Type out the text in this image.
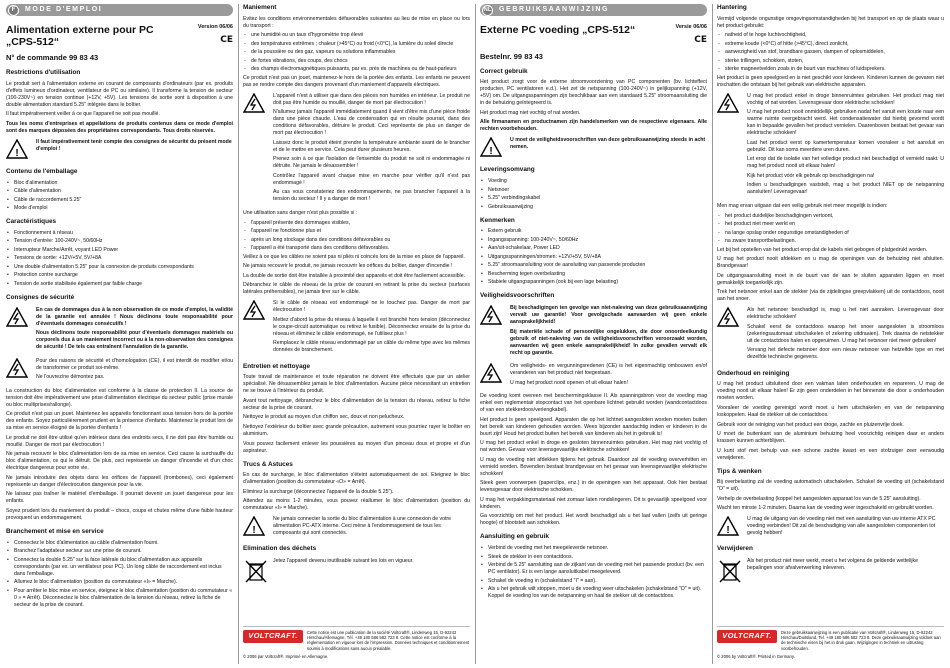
F	MODE D'EMPLOI
Alimentation externe pour PC
„CPS-512“
Version 06/06
CE
N° de commande 99 83 43
Restrictions d'utilisation

Le produit sert à l'alimentation externe en courant de composants d'ordinateurs (par ex. produits d'effets lumineux d'ordinateur, ventilateur de PC ou similaire). Il transforme la tension de secteur (100-230V~) en tension continue (+12V, +5V). Les tensions de sortie sont à disposition à une double alimentation standard 5.25" intégrée dans le boîtier.

Il faut impérativement veiller à ce que l'appareil ne soit pas mouillé.

Tous les noms d'entreprises et appellations de produits contenus dans ce mode d'emploi sont des marques déposées des propriétaires correspondants. Tous droits réservés.

!
Il faut impérativement tenir compte des consignes de sécurité du présent mode d'emploi !
Contenu de l'emballage
• Bloc d'alimentation
• Câble d'alimentation
• Câble de raccordement 5.25"
• Mode d'emploi
Caractéristiques
• Fonctionnement à réseau
• Tension d'entrée: 100-240V~, 50/60Hz
• Interrupteur Marche/Arrêt, voyant LED Power
• Tensions de sortie: +12V/+5V, 5V/+8A
• Une double d'alimentation 5.25" pour la connexion de produits correspondants
• Protection contre surcharge
• Tension de sortie stabilisée également par faible charge
Consignes de sécurité

En cas de dommages dus à la non observation de ce mode d'emploi, la validité de la garantie est annulée ! Nous déclinons toute responsabilité pour d'éventuels dommages consécutifs !

Nous déclinons toute responsabilité pour d'éventuels dommages matériels ou corporels dus à un maniement incorrect ou à la non-observation des consignes de sécurité ! De tels cas entraînent l'annulation de la garantie.

Pour des raisons de sécurité et d'homologation (CE), il est interdit de modifier et/ou de transformer ce produit soi-même.

Ne l'ouvrez/ne démontez pas.

La construction du bloc d'alimentation est conforme à la classe de protection II. La source de tension doit être impérativement une prise d'alimentation électrique du secteur public (prise murale ou bloc multiprises/rallonge).

Ce produit n'est pas un jouet. Maintenez les appareils fonctionnant sous tension hors de la portée des enfants. Soyez particulièrement prudent en la présence d'enfants. Maintenez le produit lors de sa mise en service éloigné de la portée d'enfants !

Le produit ne doit être utilisé qu'en intérieur dans des endroits secs, il ne doit pas être humide ou mouillé. Danger de mort par électrocution !

Ne jamais recouvrir le bloc d'alimentation lors de sa mise en service. Ceci cause la surchauffe du bloc d'alimentation, ce qui le détruit. De plus, ceci représente un danger d'incendie et d'un choc électrique dangereux pour votre vie.

Ne jamais introduire des objets dans les orifices de l'appareil (trombones), ceci également représente un danger d'électrocution dangereux pour la vie.

Ne laissez pas traîner le matériel d'emballage. Il pourrait devenir un jouet dangereux pour les enfants.

Soyez prudent lors du maniement du produit – chocs, coups et chutes même d'une faible hauteur provoquent un endommagement.

Branchement et mise en service
• Connectez le bloc d'alimentation au câble d'alimentation fourni.
• Branchez l'adaptateur secteur sur une prise de courant.
• Connectez la double 5.25" sur la face latérale du bloc d'alimentation aux appareils correspondants (par ex. un ventilateur pour PC). Un long câble de raccordement est inclus dans l'emballage.
• Allumez le bloc d'alimentation (position du commutateur «I» = Marche).
• Pour arrêter le bloc mise en service, éteignez le bloc d'alimentation (position du commutateur « 0 » = Arrêt). Déconnectez le bloc d'alimentation de la tension du réseau, retirez la fiche de secteur de la prise de courant.
Maniement

Evitez les conditions environnementales défavorables suivantes au lieu de mise en place ou lors du transport :

- une humidité ou un taux d'hygrométrie trop élevé
- des températures extrêmes ; chaleur (>45°C) ou froid (<0°C), la lumière du soleil directe
- de la poussière ou des gaz, vapeurs ou solutions inflammables
- de fortes vibrations, des coups, des chocs
- des champs électromagnétiques puissants, par ex. près de machines ou de haut-parleurs

Ce produit n'est pas un jouet, maintenez-le hors de la portée des enfants. Les enfants ne peuvent pas se rendre compte des dangers provenant d'un maniement d'appareils électriques.

L'appareil n'est à utiliser que dans des pièces non humides en intérieur. Le produit ne doit pas être humide ou mouillé, danger de mort par électrocution !

N'allumez jamais l'appareil immédiatement quand il vient d'être mis d'une pièce froide dans une pièce chaude. L'eau de condensation qui en résulte pourrait, dans des conditions défavorables, détruire le produit. Ceci représente de plus un danger de mort par électrocution !

Laissez donc le produit éteint prendre la température ambiante avant de le brancher et de le mettre en service. Cela peut durer plusieurs heures.

Prenez soin à ce que l'isolation de l'ensemble du produit ne soit ni endommagée ni détruite. Ne jamais le désassembler !

Contrôlez l'appareil avant chaque mise en marche pour vérifier qu'il n'est pas endommagé !

Au cas vous constateriez des endommagements, ne pas brancher l'appareil à la tension du secteur ! Il y a danger de mort !

Une utilisation sans danger n'est plus possible si :

- l'appareil présente des dommages visibles,
- l'appareil ne fonctionne plus et
- après un long stockage dans des conditions défavorables ou
- l'appareil a été transporté dans des conditions défavorables.

Veillez à ce que les câbles ne soient pas ni pliés ni coincés lors de la mise en place de l'appareil.

Ne jamais recouvrir le produit, ne jamais recouvrir les orifices du boîtier, danger d'incendie !

La double de sortie doit être installée à proximité des appareils et doit être facilement accessible.

Débranchez le câble de réseau de la prise de courant en retirant la prise du secteur (surfaces latérales préhensibles), ne jamais tirer sur le câble.

Si le câble de réseau est endommagé ne le touchez pas. Danger de mort par électrocution !

Mettez d'abord la prise du réseau à laquelle il est branché hors tension (déconnectez le coupe-circuit automatique ou retirez le fusible). Déconnectez ensuite de la prise du réseau et éliminez le câble endommagé, ne l'utilisez plus !

Remplacez le câble réseau endommagé par un câble du même type avec les mêmes données de branchement.

Entretien et nettoyage

Toute travail de maintenance et toute réparation ne doivent être effectués que par un atelier spécialisé. Ne désassemblez jamais le bloc d'alimentation. Aucune pièce nécessitant un entretien ne se trouve à l'intérieur du produit.

Avant tout nettoyage, débranchez le bloc d'alimentation de la tension du réseau, retirez la fiche secteur de la prise de courant.

Nettoyez le produit au moyen d'un chiffon sec, doux et non pelucheux.

Nettoyez l'extérieur du boîtier avec grande précaution, autrement vous pourriez rayer le boîtier en aluminium.

Vous pouvez facilement enlever les poussières au moyen d'un pinceau doux et propre et d'un aspirateur.

Trucs & Astuces

En cas de surcharge, le bloc d'alimentation s'éteint automatiquement de soi. Eteignez le bloc d'alimentation (position du commutateur «O» = Arrêt).

Eliminez la surcharge (déconnectez l'appareil de la double 5.25").

Attendez au moins 1-2 minutes, vous pouvez réallumer le bloc d'alimentation (position du commutateur «I» = Marche).

!
Ne jamais connecter la sortie du bloc d'alimentation à une connexion de votre alimentation PC-ATX interne. Ceci mène à l'endommagement de tous les composants qui sont connectés.
Elimination des déchets
Jetez l'appareil devenu inutilisable suivant les lois en vigueur.
VOLTCRAFT.	Cette notice est une publication de la société Voltcraft®, Lindenweg 15, D-92242 Hirschau/Allemagne, Tél. +49 180 586 582 723 8. Cette notice est conforme à la règlementation en vigueur lors de l'impression. Données techniques et conditionnement soumis à modifications sans aucun préalable.
© 2006 par Voltcraft®. Imprimé en Allemagne.
NL GEBRUIKSAANWIJZING
Externe PC voeding „CPS-512“	Versie 06/06
CE
Bestelnr. 99 83 43
Correct gebruik

Het product zorgt voor de externe stroomvoorziening van PC componenten (bv. lichteffect producten, PC ventilatoren e.d.). Het zet de netspanning (100-240V~) in gelijkspanning (+12V, +5V) om. De uitgangsspanningen zijn beschikbaar aan een standaard 5.25" stroomaansluiting die in de behuizing geïntegreerd is.

Het product mag niet vochtig of nat worden.

Alle firmanamen en productnamen zijn handelsmerken van de respectieve eigenaars. Alle rechten voorbehouden.

!
U moet de veiligheidsvoorschriften van deze gebruiksaanwijzing steeds in acht nemen.
Leveringsomvang
• Voeding
• Netsnoer
• 5.25" verbindingskabel
• Gebruiksaanwijzing
Kenmerken
• Extern gebruik
• Ingangsspanning: 100-240V~, 50/60Hz
• Aan/uit-schakelaar, Power LED
• Uitgangsspanningen/stromen: +12V/+5V, 5V/+8A
• 5.25" stroomaansluiting voor de aansluiting van passende producten
• Bescherming tegen overbelasting
• Stabiele uitgangsspanningen (ook bij een lage belasting)
Veiligheidsvoorschriften

Bij beschadigingen ten gevolge van niet-naleving van deze gebruiksaanwijzing vervalt uw garantie! Voor gevolgschade aanvaarden wij geen enkele aansprakelijkheid!

Bij materiële schade of persoonlijke ongelukken, die door onoordeelkundig gebruik of niet-naleving van de veiligheidsvoorschriften veroorzaakt worden, aanvaarden wij geen enkele aansprakelijkheid! In zulke gevallen vervalt elk recht op garantie.

Om veiligheids- en vergunningsredenen (CE) is het eigenmachtig ombouwen en/of veranderen van het product niet toegestaan.

U mag het product nooit openen of uit elkaar halen!

De voeding komt overeen met beschermingsklasse II. Als spanningsbron voor de voeding mag enkel een reglementair stopcontact van het openbare lichtnet gebruikt worden (wandcontactdoos of van een stekkerdoos/verlengkabel).

Het product is geen speelgoed. Apparaten die op het lichtnet aangesloten worden moeten buiten het bereik van kinderen gehouden worden. Wees bijzonder aandachtig indien er kinderen in de buurt zijn! Houd het product buiten het bereik van kinderen als het in gebruik is!

U mag het product enkel in droge en gesloten binnenruimtes gebruiken. Het mag niet vochtig of nat worden. Gevaar voor levensgevaarlijke elektrische schokken!

U mag de voeding niet afdekken tijdens het gebruik. Daardoor zal de voeding oververhitten en vernield worden. Bovendien bestaat brandgevaar en het gevaar van levensgevaarlijke elektrische schokken!

Steek geen voorwerpen (paperclips, enz.) in de openingen van het apparaat. Ook hier bestaat levensgevaar door elektrische schokken.

U mag het verpakkingsmateriaal niet zomaar laten rondslingeren. Dit is gevaarlijk speelgoed voor kinderen.

Ga voorzichtig om met het product. Het wordt beschadigd als u het laat vallen (zelfs uit geringe hoogte) of blootstelt aan schokken.

Aansluiting en gebruik
• Verbind de voeding met het meegeleverde netsnoer.
• Steek de stekker in een contactdoos.
• Verbind de 5.25" aansluiting aan de zijkant van de voeding met het passende product (bv. een PC ventilator). Er is een lange aansluitkabel meegeleverd.
• Schakel de voeding in (schakelstand "I" = aan).
• Als u het gebruik wilt stoppen, moet u de voeding weer uitschakelen (schakelstand "O" = uit). Koppel de voeding los van de netspanning en haal de stekker uit de contactdoos.
Hantering

Vermijd volgende ongunstige omgevingsomstandigheden bij het transport en op de plaats waar u het product gebruikt:

- natheid of te hoge luchtvochtigheid,
- extreme koude (<0°C) of hitte (>45°C), direct zonlicht,
- aanwezigheid van stof, brandbare gassen, dampen of oplosmiddelen,
- sterke trillingen, schokken, stoten,
- sterke magneetvelden zoals in de buurt van machines of luidsprekers.

Het product is geen speelgoed en is niet geschikt voor kinderen. Kinderen kunnen de gevaren niet inschatten die ontstaan bij het gebruik van elektrische apparaten.

U mag het product enkel in droge binnenruimtes gebruiken. Het product mag niet vochtig of nat worden. Levensgevaar door elektrische schokken!

U mag het product nooit onmiddellijk gebruiken nadat het vanuit een koude naar een warme ruimte overgebracht werd. Het condensatiewater dat hierbij gevormd wordt kan in bepaalde gevallen het product vernielen. Daarenboven bestaat het gevaar van elektrische schokken!

Laat het product eerst op kamertemperatuur komen vooraleer u het aansluit en gebruikt. Dit kan soms meerdere uren duren.

Let erop dat de isolatie van het volledige product niet beschadigd of vernield raakt. U mag het product nooit uit elkaar halen!

Kijk het product vóór elk gebruik op beschadigingen na!

Indien u beschadigingen vaststelt, mag u het product NIET op de netspanning aansluiten! Levensgevaar!

Men mag ervan uitgaan dat een veilig gebruik niet meer mogelijk is indien:

- het product duidelijke beschadigingen vertoont,
- het product niet meer werkt en
- na lange opslag onder ongunstige omstandigheden of
- na zware transportbelastingen.

Let bij het opstellen van het product erop dat de kabels niet gebogen of platgedrukt worden.

U mag het product nooit afdekken en u mag de openingen van de behuizing niet afsluiten. Brandgevaar!

De uitgangsaansluiting moet in de buurt van de aan te sluiten apparaten liggen en moet gemakkelijk toegankelijk zijn.

Trek het netsnoer enkel aan de stekker (via de zijdelingse greepvlakken) uit de contactdoos, nooit aan het snoer.

Als het netsnoer beschadigd is, mag u het niet aanraken. Levensgevaar door elektrische schokken!

Schakel eerst de contactdoos waarop het snoer aangesloten is stroomloos (zekeringsautomaat uitschakelen of zekering uitdraaien). Trek daarna de netstekker uit de contactdoos halen en opgeruimen. U mag het netsnoer niet meer gebruiken!

Vervang het defecte netsnoer door een nieuw netsnoer van hetzelfde type en met dezelfde technische gegevens.

Onderhoud en reiniging

U mag het product uitsluitend door een vakman laten onderhouden en repareren. U mag de voeding nooit uit elkaar halen! Er zijn geen onderdelen in het binnenste die door u onderhouden moeten worden.

Vooraleer de voeding gereinigd wordt moet u hem uitschakelen en van de netspanning loskoppelen. Haal de stekker uit de contactdoos.

Gebruik voor de reiniging van het product een droge, zachte en pluizenvrije doek.

U moet de buitenkant van de aluminium behuizing heel voorzichtig reinigen daar er anders krassen kunnen achterblijven.

U kunt stof met behulp van een schone zachte kwast en een stofzuiger zeer eenvoudig verwijderen.

Tips & wenken

Bij overbelasting zal de voeding automatisch uitschakelen. Schakel de voeding uit (schakelstand "O" = uit).

Verhelp de overbelasting (koppel het aangesloten apparaat los van de 5.25" aansluiting).

Wacht ten minste 1-2 minuten. Daarna kan de voeding weer ingeschakeld en gebruikt worden.

!
U mag de uitgang van de voeding niet met een aansluiting van uw interne ATX PC voeding verbinden! Dit zal de beschadiging van alle aangesloten componenten tot gevolg hebben!
Verwijderen
Als het product niet meer werkt, moet u het volgens de geldende wettelijke bepalingen voor afvalverwerking inleveren.
VOLTCRAFT.	Deze gebruiksaanwijzing is een publicatie van Voltcraft®, Lindenweg 15, D-92242 Hirschau/Duitsland, Tel. +49 180 586 582 723 8. Deze gebruiksaanwijzing voldoet aan de technische eisen bij het in druk gaan. Wijzigingen in techniek en uitrusting voorbehouden.
© 2006 by Voltcraft®. Printed in Germany.
